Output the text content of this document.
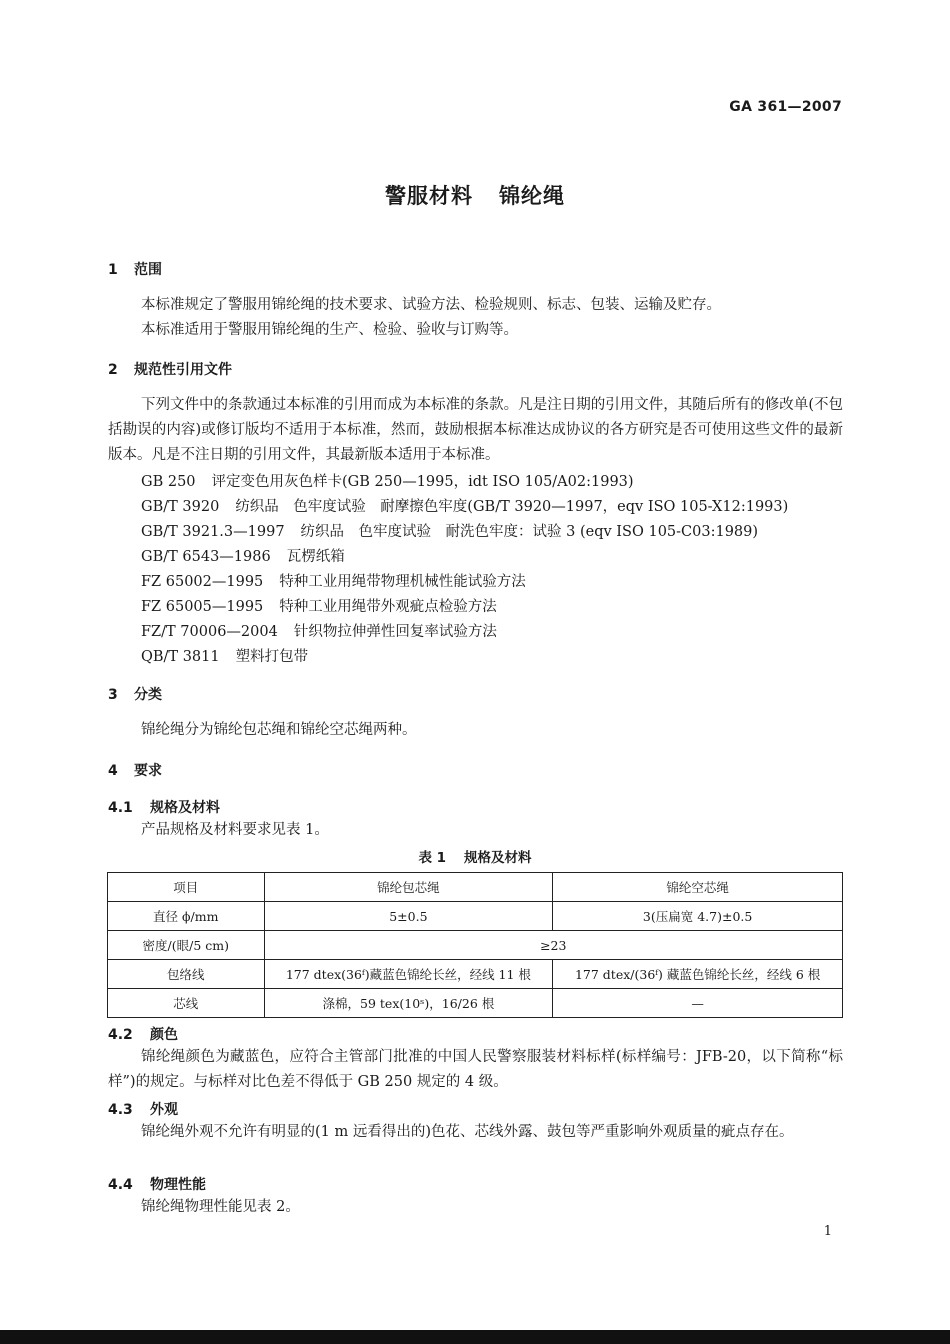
GA 361—2007
警服材料 锦纶绳
1 范围
本标准规定了警服用锦纶绳的技术要求、试验方法、检验规则、标志、包装、运输及贮存。
本标准适用于警服用锦纶绳的生产、检验、验收与订购等。
2 规范性引用文件
下列文件中的条款通过本标准的引用而成为本标准的条款。凡是注日期的引用文件，其随后所有的修改单(不包括勘误的内容)或修订版均不适用于本标准，然而，鼓励根据本标准达成协议的各方研究是否可使用这些文件的最新版本。凡是不注日期的引用文件，其最新版本适用于本标准。
GB 250 评定变色用灰色样卡(GB 250—1995，idt ISO 105/A02:1993)
GB/T 3920 纺织品　色牢度试验　耐摩擦色牢度(GB/T 3920—1997，eqv ISO 105-X12:1993)
GB/T 3921.3—1997 纺织品　色牢度试验　耐洗色牢度：试验 3 (eqv ISO 105-C03:1989)
GB/T 6543—1986 瓦楞纸箱
FZ 65002—1995 特种工业用绳带物理机械性能试验方法
FZ 65005—1995 特种工业用绳带外观疵点检验方法
FZ/T 70006—2004 针织物拉伸弹性回复率试验方法
QB/T 3811 塑料打包带
3 分类
锦纶绳分为锦纶包芯绳和锦纶空芯绳两种。
4 要求
4.1 规格及材料
产品规格及材料要求见表 1。
表 1 规格及材料
项目	锦纶包芯绳	锦纶空芯绳
直径 ϕ/mm	5±0.5	3(压扁宽 4.7)±0.5
密度/(眼/5 cm)	≥23	
包络线	177 dtex(36ᶠ)藏蓝色锦纶长丝，经线 11 根	177 dtex/(36ᶠ) 藏蓝色锦纶长丝，经线 6 根
芯线	涤棉，59 tex(10ˢ)，16/26 根	—
4.2 颜色
锦纶绳颜色为藏蓝色，应符合主管部门批准的中国人民警察服装材料标样(标样编号：JFB-20，以下简称“标样”)的规定。与标样对比色差不得低于 GB 250 规定的 4 级。
4.3 外观
锦纶绳外观不允许有明显的(1 m 远看得出的)色花、芯线外露、鼓包等严重影响外观质量的疵点存在。
4.4 物理性能
锦纶绳物理性能见表 2。
1
